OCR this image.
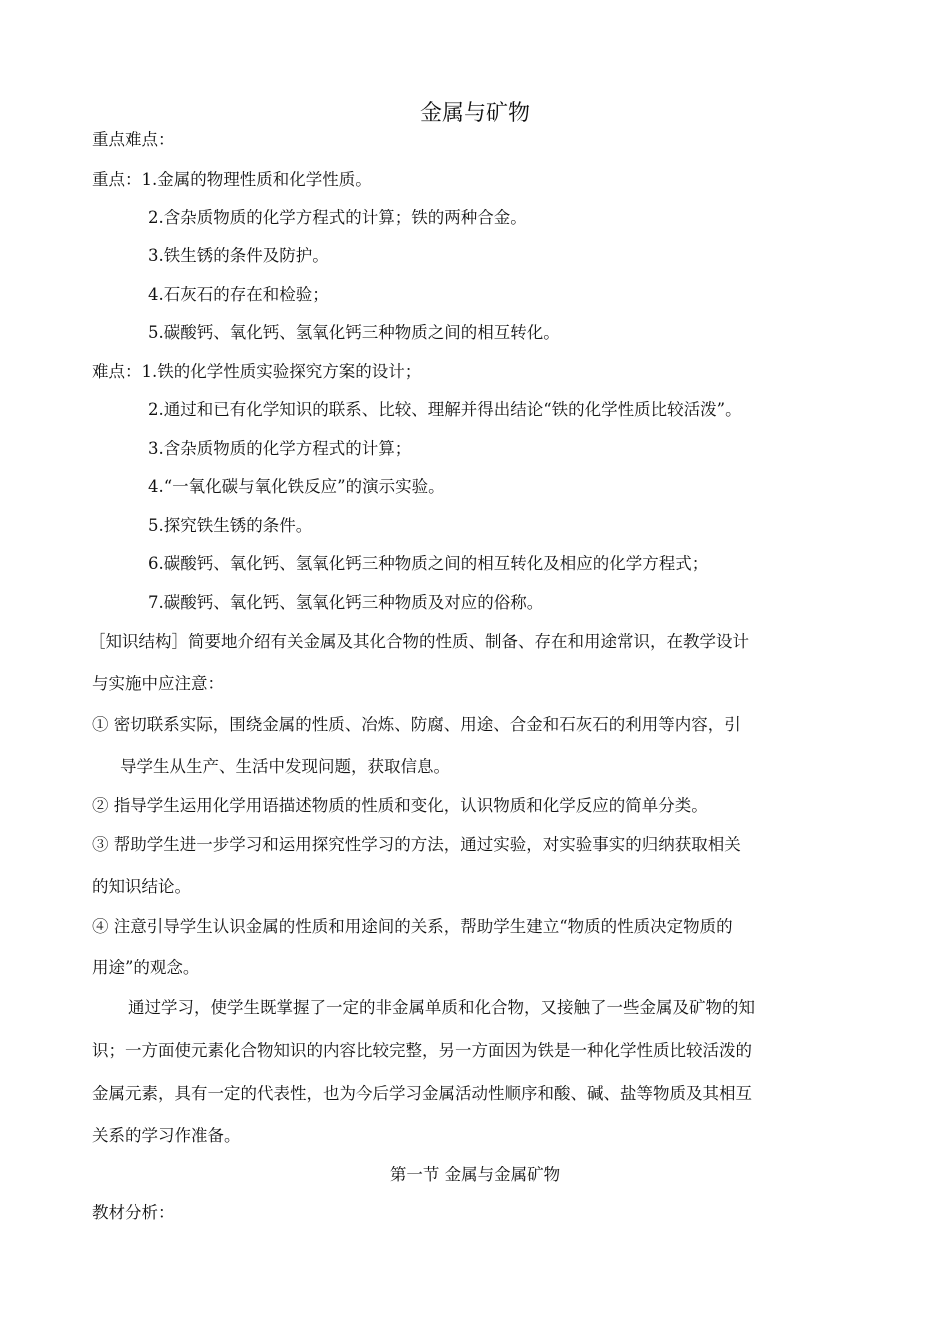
金属与矿物
重点难点：
重点：1.金属的物理性质和化学性质。
2.含杂质物质的化学方程式的计算；铁的两种合金。
3.铁生锈的条件及防护。
4.石灰石的存在和检验；
5.碳酸钙、氧化钙、氢氧化钙三种物质之间的相互转化。
难点：1.铁的化学性质实验探究方案的设计；
2.通过和已有化学知识的联系、比较、理解并得出结论“铁的化学性质比较活泼”。
3.含杂质物质的化学方程式的计算；
4.“一氧化碳与氧化铁反应”的演示实验。
5.探究铁生锈的条件。
6.碳酸钙、氧化钙、氢氧化钙三种物质之间的相互转化及相应的化学方程式；
7.碳酸钙、氧化钙、氢氧化钙三种物质及对应的俗称。
［知识结构］简要地介绍有关金属及其化合物的性质、制备、存在和用途常识，在教学设计
与实施中应注意：
① 密切联系实际，围绕金属的性质、冶炼、防腐、用途、合金和石灰石的利用等内容，引
导学生从生产、生活中发现问题，获取信息。
② 指导学生运用化学用语描述物质的性质和变化，认识物质和化学反应的简单分类。
③ 帮助学生进一步学习和运用探究性学习的方法，通过实验，对实验事实的归纳获取相关
的知识结论。
④ 注意引导学生认识金属的性质和用途间的关系，帮助学生建立“物质的性质决定物质的
用途”的观念。
通过学习，使学生既掌握了一定的非金属单质和化合物，又接触了一些金属及矿物的知
识；一方面使元素化合物知识的内容比较完整，另一方面因为铁是一种化学性质比较活泼的
金属元素，具有一定的代表性，也为今后学习金属活动性顺序和酸、碱、盐等物质及其相互
关系的学习作准备。
第一节 金属与金属矿物
教材分析：
